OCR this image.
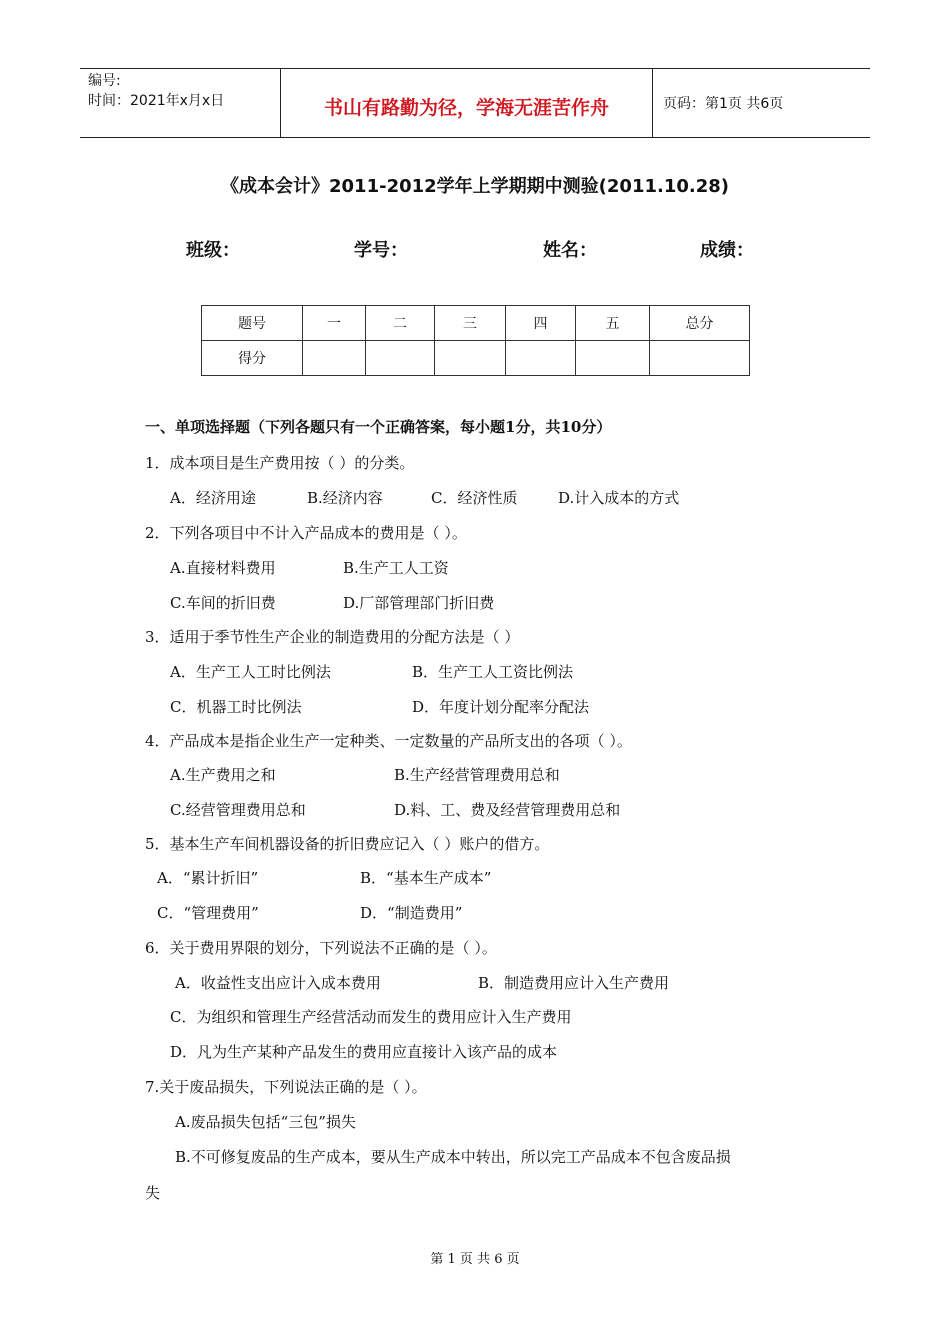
编号:
时间：2021年x月x日	书山有路勤为径，学海无涯苦作舟	页码：第1页 共6页
《成本会计》2011-2012学年上学期期中测验(2011.10.28)
班级：	学号：	姓名：	成绩：
题号	一	二	三	四	五	总分
得分						
一、单项选择题（下列各题只有一个正确答案，每小题1分，共10分）
1．成本项目是生产费用按（ ）的分类。
A．经济用途	B.经济内容	C．经济性质	D.计入成本的方式
2．下列各项目中不计入产品成本的费用是（ ）。
A.直接材料费用	B.生产工人工资
C.车间的折旧费	D.厂部管理部门折旧费
3．适用于季节性生产企业的制造费用的分配方法是（ ）
A．生产工人工时比例法	B．生产工人工资比例法
C．机器工时比例法	D．年度计划分配率分配法
4．产品成本是指企业生产一定种类、一定数量的产品所支出的各项（ ）。
A.生产费用之和	B.生产经营管理费用总和
C.经营管理费用总和	D.料、工、费及经营管理费用总和
5．基本生产车间机器设备的折旧费应记入（ ）账户的借方。
A．“累计折旧”	B．“基本生产成本”
C．“管理费用”	D．“制造费用”
6．关于费用界限的划分，下列说法不正确的是（ ）。
A．收益性支出应计入成本费用	B．制造费用应计入生产费用
C．为组织和管理生产经营活动而发生的费用应计入生产费用
D．凡为生产某种产品发生的费用应直接计入该产品的成本
7.关于废品损失，下列说法正确的是（ ）。
A.废品损失包括“三包”损失
B.不可修复废品的生产成本，要从生产成本中转出，所以完工产品成本不包含废品损
失
第 1 页 共 6 页
